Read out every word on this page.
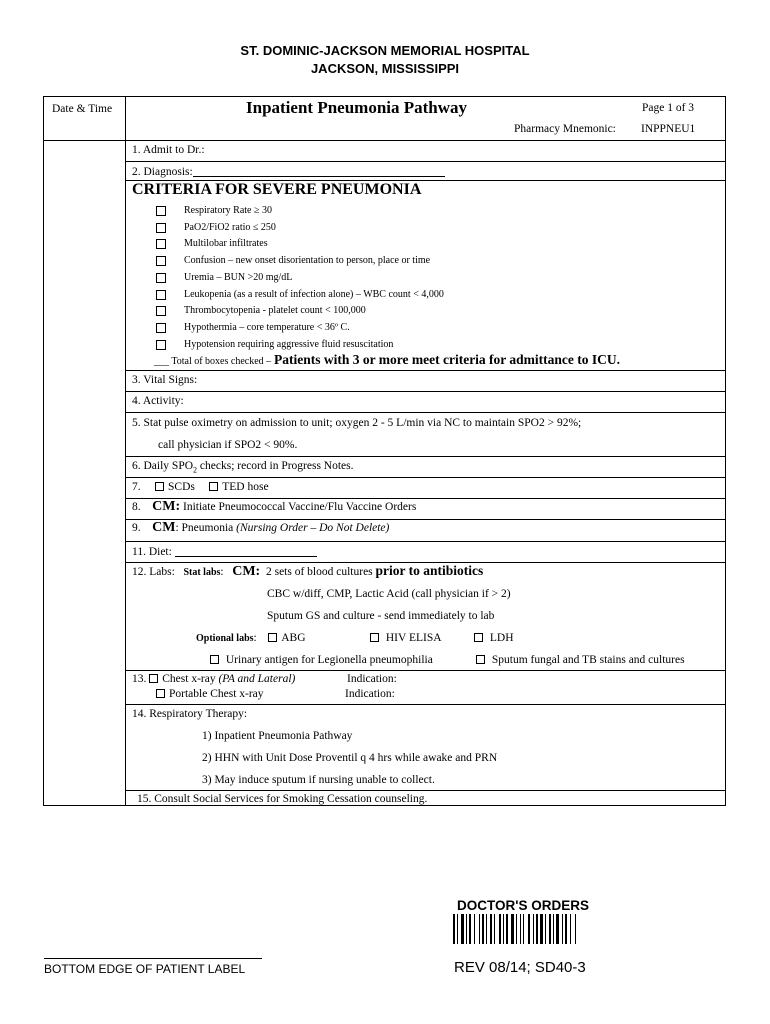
ST. DOMINIC-JACKSON MEMORIAL HOSPITAL
JACKSON, MISSISSIPPI
Date & Time	Inpatient Pneumonia Pathway	Page 1 of 3
Pharmacy Mnemonic: INPPNEU1
1. Admit to Dr.:
2. Diagnosis:
CRITERIA FOR SEVERE PNEUMONIA
Respiratory Rate ≥ 30
PaO2/FiO2 ratio ≤ 250
Multilobar infiltrates
Confusion – new onset disorientation to person, place or time
Uremia – BUN >20 mg/dL
Leukopenia (as a result of infection alone) – WBC count < 4,000
Thrombocytopenia - platelet count < 100,000
Hypothermia – core temperature < 36º C.
Hypotension requiring aggressive fluid resuscitation
___ Total of boxes checked – Patients with 3 or more meet criteria for admittance to ICU.
3. Vital Signs:
4. Activity:
5. Stat pulse oximetry on admission to unit; oxygen 2 - 5 L/min via NC to maintain SPO2 > 92%;
call physician if SPO2 < 90%.
6. Daily $SPO_2$ checks; record in Progress Notes.
7. SCDs TED hose
8. CM: Initiate Pneumococcal Vaccine/Flu Vaccine Orders
9. CM: Pneumonia (Nursing Order – Do Not Delete)
11. Diet:
12. Labs: Stat labs: CM: 2 sets of blood cultures prior to antibiotics
CBC w/diff, CMP, Lactic Acid (call physician if > 2)
Sputum GS and culture - send immediately to lab
Optional labs: ABG	HIV ELISA	LDH
Urinary antigen for Legionella pneumophilia	Sputum fungal and TB stains and cultures
13. Chest x-ray (PA and Lateral)	Indication:
Portable Chest x-ray	Indication:
14. Respiratory Therapy:
1) Inpatient Pneumonia Pathway
2) HHN with Unit Dose Proventil q 4 hrs while awake and PRN
3) May induce sputum if nursing unable to collect.
15. Consult Social Services for Smoking Cessation counseling.
DOCTOR'S ORDERS
BOTTOM EDGE OF PATIENT LABEL	REV 08/14; SD40-3
